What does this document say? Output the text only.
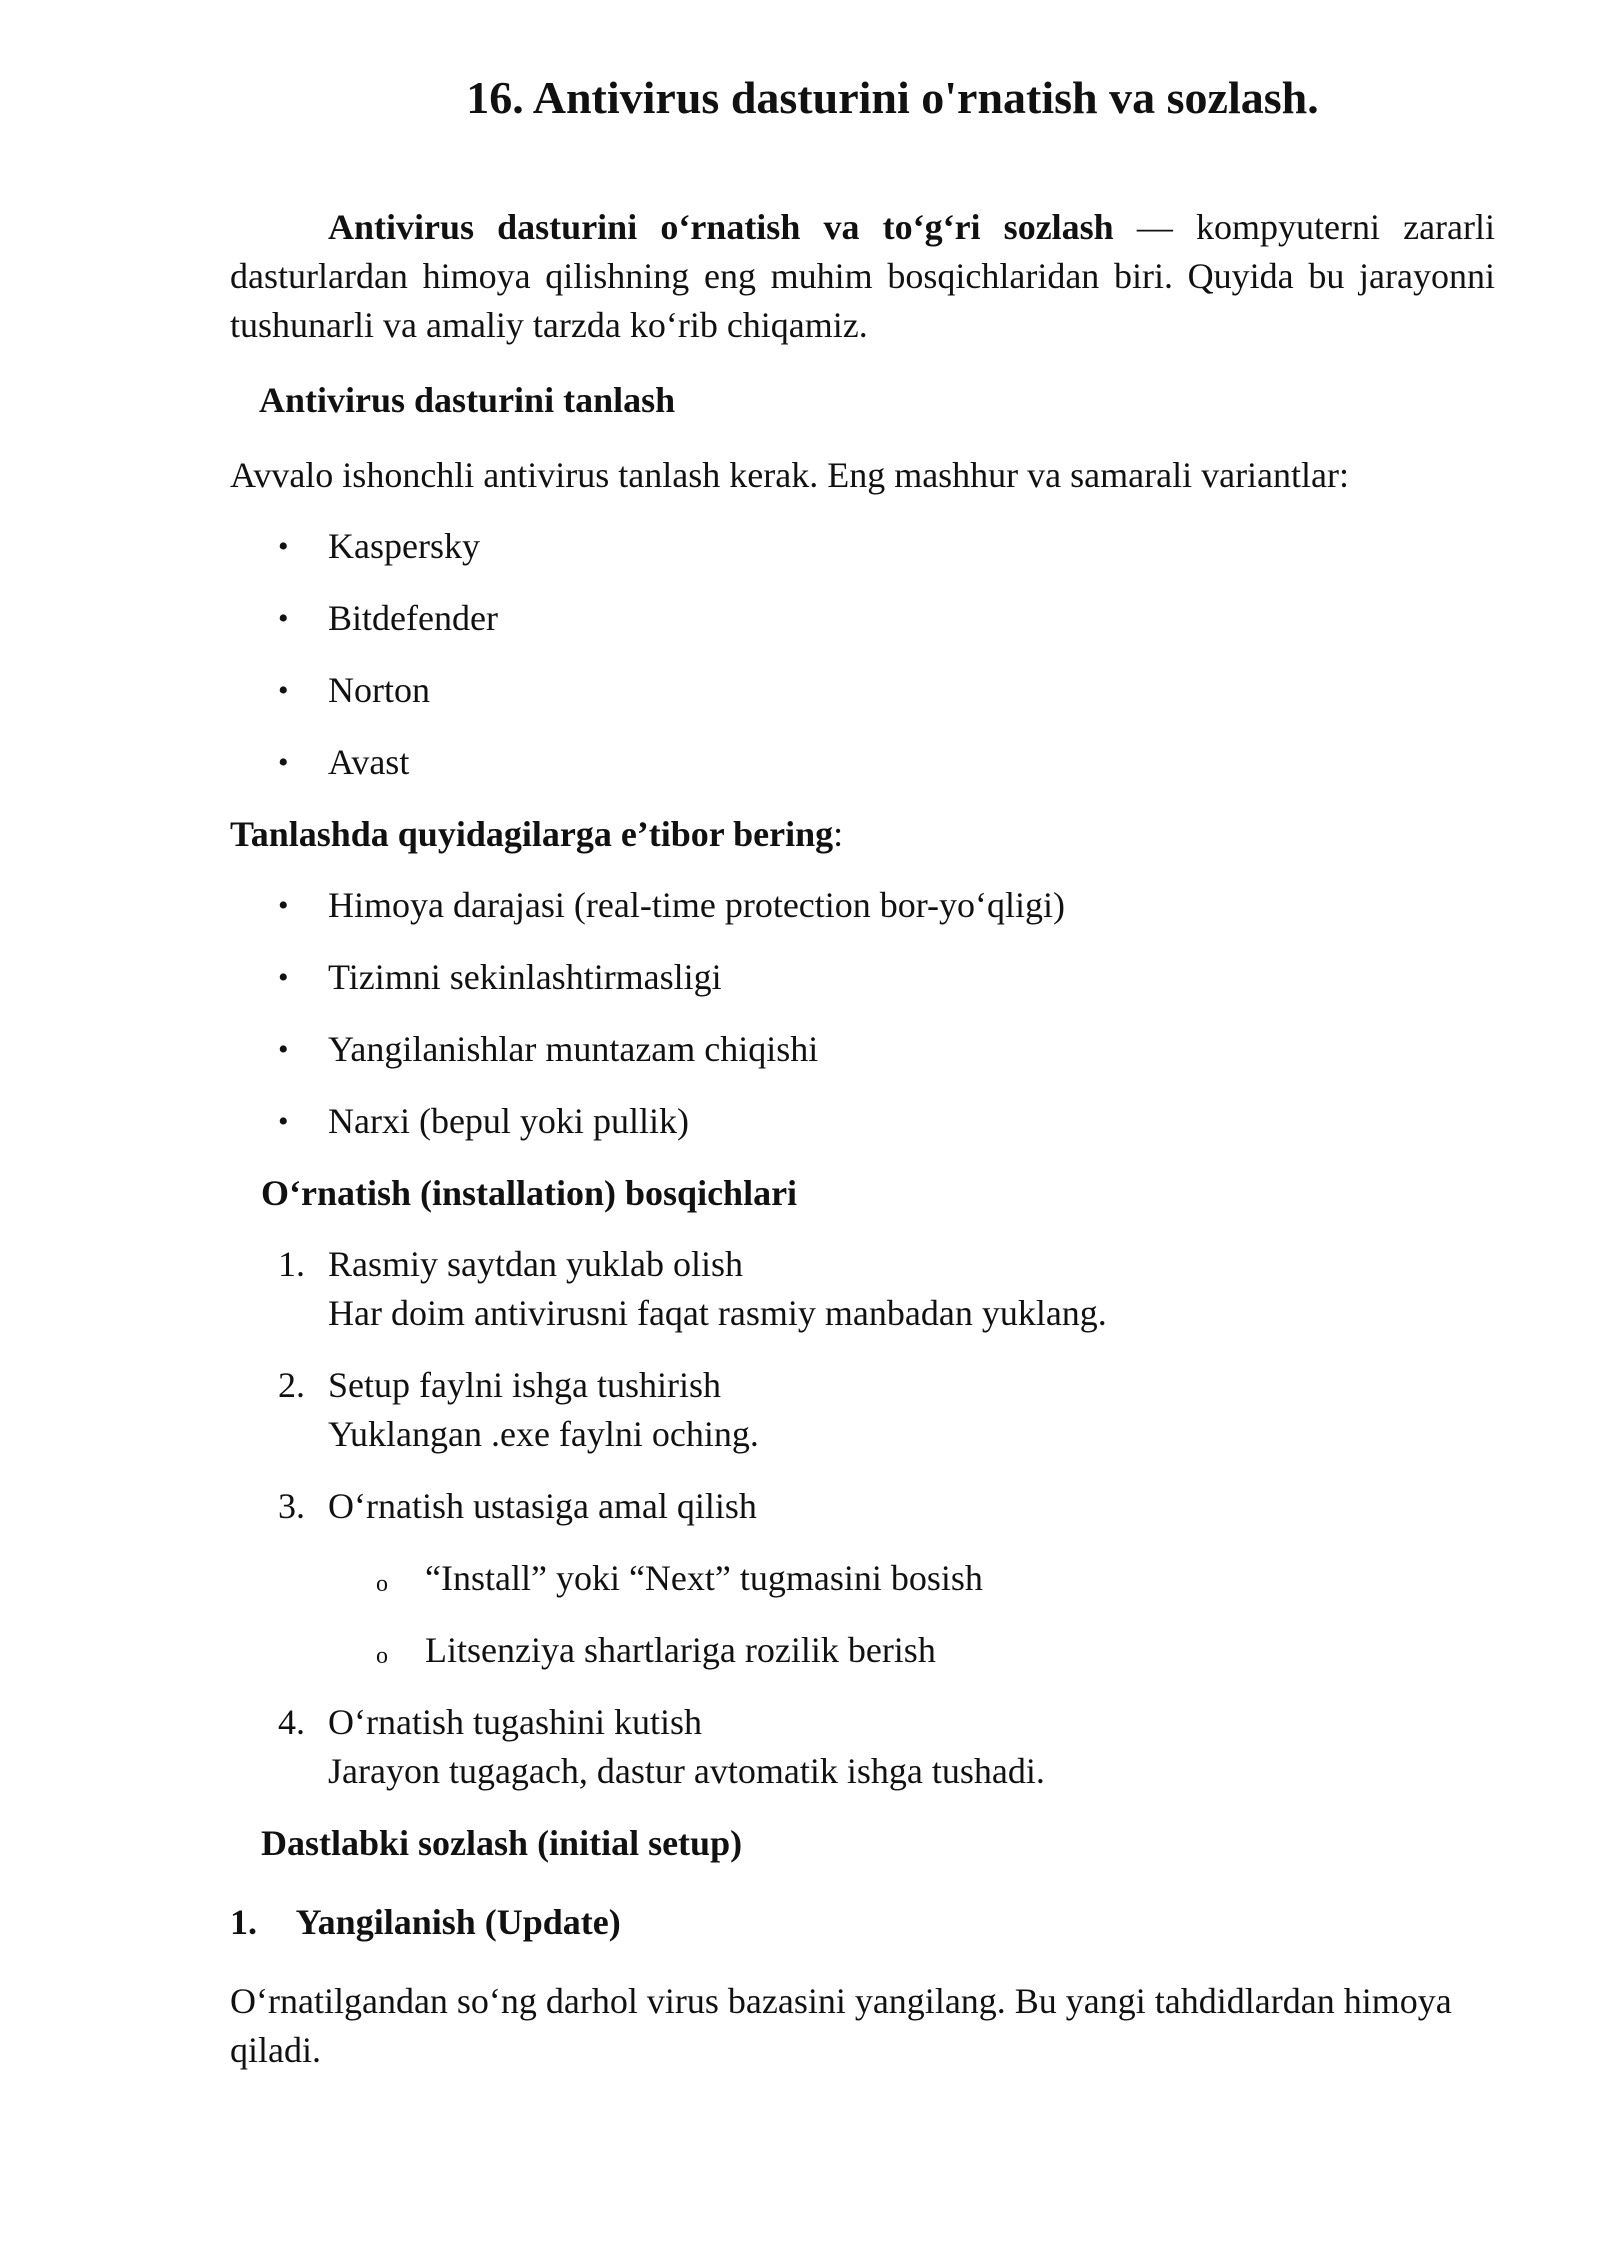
16. Antivirus dasturini o'rnatish va sozlash.

Antivirus dasturini o‘rnatish va to‘g‘ri sozlash — kompyuterni zararli dasturlardan himoya qilishning eng muhim bosqichlaridan biri. Quyida bu jarayonni tushunarli va amaliy tarzda ko‘rib chiqamiz.

Antivirus dasturini tanlash

Avvalo ishonchli antivirus tanlash kerak. Eng mashhur va samarali variantlar:

• Kaspersky
• Bitdefender
• Norton
• Avast

Tanlashda quyidagilarga e’tibor bering:

• Himoya darajasi (real-time protection bor-yo‘qligi)
• Tizimni sekinlashtirmasligi
• Yangilanishlar muntazam chiqishi
• Narxi (bepul yoki pullik)

O‘rnatish (installation) bosqichlari

1. Rasmiy saytdan yuklab olish
Har doim antivirusni faqat rasmiy manbadan yuklang.
2. Setup faylni ishga tushirish
Yuklangan .exe faylni oching.
3. O‘rnatish ustasiga amal qilish
o “Install” yoki “Next” tugmasini bosish
o Litsenziya shartlariga rozilik berish
4. O‘rnatish tugashini kutish
Jarayon tugagach, dastur avtomatik ishga tushadi.

Dastlabki sozlash (initial setup)

1. Yangilanish (Update)

O‘rnatilgandan so‘ng darhol virus bazasini yangilang. Bu yangi tahdidlardan himoya qiladi.
